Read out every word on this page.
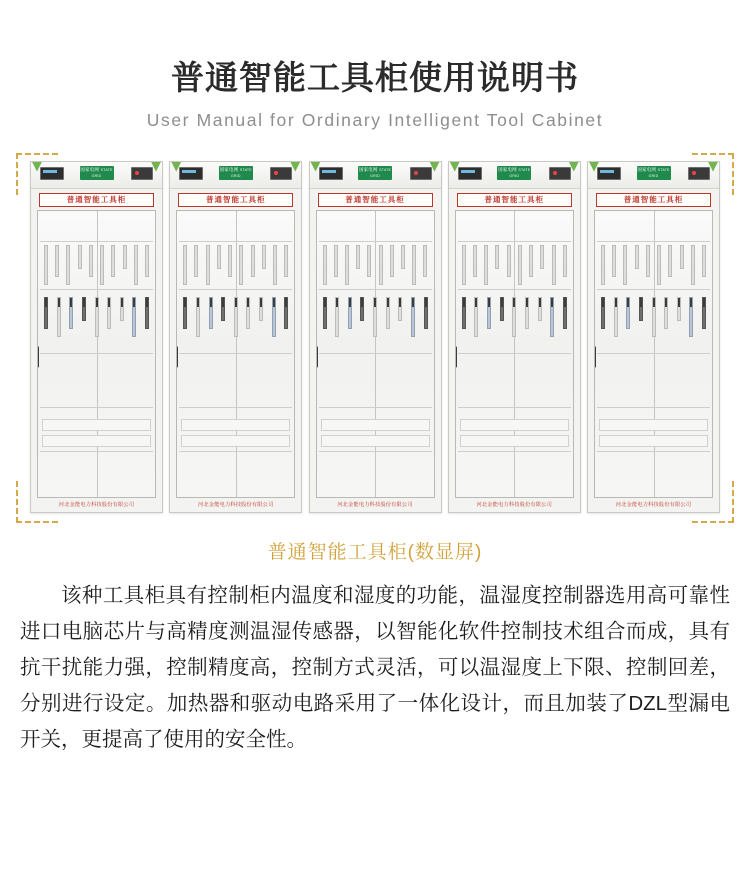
普通智能工具柜使用说明书
User Manual for Ordinary Intelligent Tool Cabinet
国家电网 STATE GRID
普通智能工具柜
河北金能电力科技股份有限公司
国家电网 STATE GRID
普通智能工具柜
河北金能电力科技股份有限公司
国家电网 STATE GRID
普通智能工具柜
河北金能电力科技股份有限公司
国家电网 STATE GRID
普通智能工具柜
河北金能电力科技股份有限公司
国家电网 STATE GRID
普通智能工具柜
河北金能电力科技股份有限公司
普通智能工具柜(数显屏)

该种工具柜具有控制柜内温度和湿度的功能，温湿度控制器选用高可靠性进口电脑芯片与高精度测温湿传感器，以智能化软件控制技术组合而成，具有抗干扰能力强，控制精度高，控制方式灵活，可以温湿度上下限、控制回差，分别进行设定。加热器和驱动电路采用了一体化设计，而且加装了DZL型漏电开关，更提高了使用的安全性。
